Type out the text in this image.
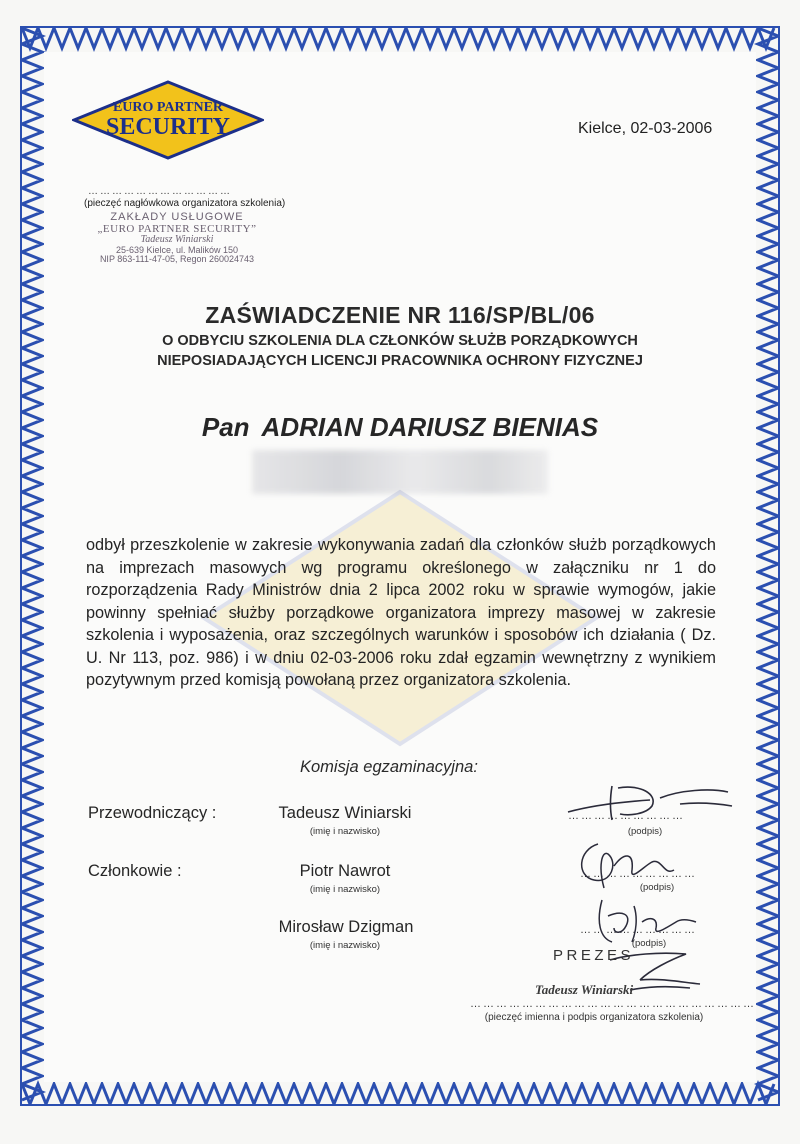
EURO PARTNER
SECURITY	Kielce, 02-03-2006
………………………………
(pieczęć nagłówkowa organizatora szkolenia)
ZAKŁADY USŁUGOWE
„EURO PARTNER SECURITY”
Tadeusz Winiarski
25-639 Kielce, ul. Malików 150
NIP 863-111-47-05, Regon 260024743
ZAŚWIADCZENIE NR 116/SP/BL/06
O ODBYCIU SZKOLENIA DLA CZŁONKÓW SŁUŻB PORZĄDKOWYCH
NIEPOSIADAJĄCYCH LICENCJI PRACOWNIKA OCHRONY FIZYCZNEJ
Pan ADRIAN DARIUSZ BIENIAS
odbył przeszkolenie w zakresie wykonywania zadań dla członków służb porządkowych na imprezach masowych wg programu określonego w załączniku nr 1 do rozporządzenia Rady Ministrów dnia 2 lipca 2002 roku w sprawie wymogów, jakie powinny spełniać służby porządkowe organizatora imprezy masowej w zakresie szkolenia i wyposażenia, oraz szczególnych warunków i sposobów ich działania ( Dz. U. Nr 113, poz. 986) i w dniu 02-03-2006 roku zdał egzamin wewnętrzny z wynikiem pozytywnym przed komisją powołaną przez organizatora szkolenia.
Komisja egzaminacyjna:
Przewodniczący :	Tadeusz Winiarski
(imię i nazwisko)
………………………
(podpis)
Członkowie :	Piotr Nawrot
(imię i nazwisko)
………………………
(podpis)
Mirosław Dzigman
(imię i nazwisko)
………………………
(podpis)
PREZES
Tadeusz Winiarski
…………………………………………………………
(pieczęć imienna i podpis organizatora szkolenia)
